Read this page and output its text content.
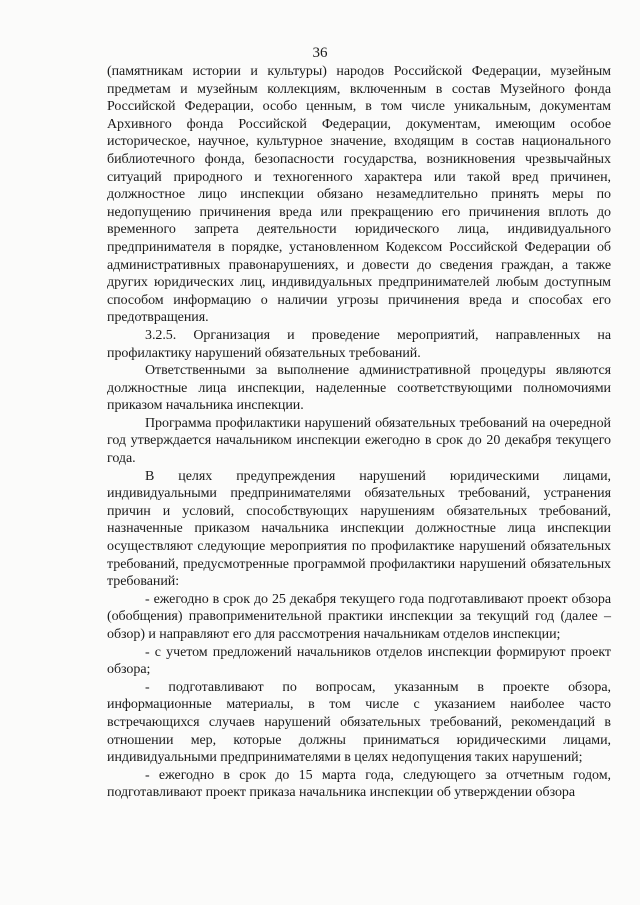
36

(памятникам истории и культуры) народов Российской Федерации, музейным предметам и музейным коллекциям, включенным в состав Музейного фонда Российской Федерации, особо ценным, в том числе уникальным, документам Архивного фонда Российской Федерации, документам, имеющим особое историческое, научное, культурное значение, входящим в состав национального библиотечного фонда, безопасности государства, возникновения чрезвычайных ситуаций природного и техногенного характера или такой вред причинен, должностное лицо инспекции обязано незамедлительно принять меры по недопущению причинения вреда или прекращению его причинения вплоть до временного запрета деятельности юридического лица, индивидуального предпринимателя в порядке, установленном Кодексом Российской Федерации об административных правонарушениях, и довести до сведения граждан, а также других юридических лиц, индивидуальных предпринимателей любым доступным способом информацию о наличии угрозы причинения вреда и способах его предотвращения.

3.2.5. Организация и проведение мероприятий, направленных на профилактику нарушений обязательных требований.

Ответственными за выполнение административной процедуры являются должностные лица инспекции, наделенные соответствующими полномочиями приказом начальника инспекции.

Программа профилактики нарушений обязательных требований на очередной год утверждается начальником инспекции ежегодно в срок до 20 декабря текущего года.

В целях предупреждения нарушений юридическими лицами, индивидуальными предпринимателями обязательных требований, устранения причин и условий, способствующих нарушениям обязательных требований, назначенные приказом начальника инспекции должностные лица инспекции осуществляют следующие мероприятия по профилактике нарушений обязательных требований, предусмотренные программой профилактики нарушений обязательных требований:

- ежегодно в срок до 25 декабря текущего года подготавливают проект обзора (обобщения) правоприменительной практики инспекции за текущий год (далее – обзор) и направляют его для рассмотрения начальникам отделов инспекции;

- с учетом предложений начальников отделов инспекции формируют проект обзора;

- подготавливают по вопросам, указанным в проекте обзора, информационные материалы, в том числе с указанием наиболее часто встречающихся случаев нарушений обязательных требований, рекомендаций в отношении мер, которые должны приниматься юридическими лицами, индивидуальными предпринимателями в целях недопущения таких нарушений;

- ежегодно в срок до 15 марта года, следующего за отчетным годом, подготавливают проект приказа начальника инспекции об утверждении обзора
